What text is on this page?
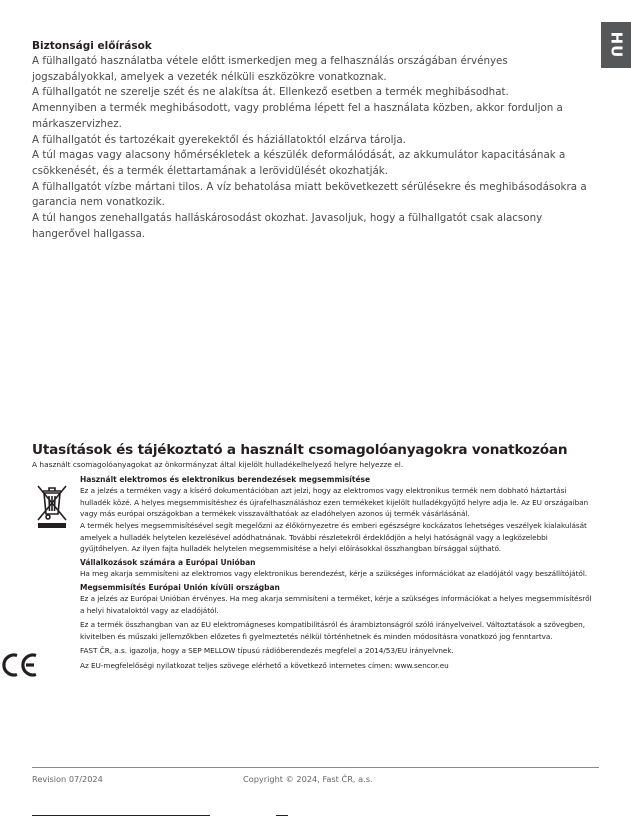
HU
Biztonsági előírások

A fülhallgató használatba vétele előtt ismerkedjen meg a felhasználás országában érvényes jogszabályokkal, amelyek a vezeték nélküli eszközökre vonatkoznak.

A fülhallgatót ne szerelje szét és ne alakítsa át. Ellenkező esetben a termék meghibásodhat.

Amennyiben a termék meghibásodott, vagy probléma lépett fel a használata közben, akkor forduljon a márkaszervizhez.

A fülhallgatót és tartozékait gyerekektől és háziállatoktól elzárva tárolja.

A túl magas vagy alacsony hőmérsékletek a készülék deformálódását, az akkumulátor kapacitásának a csökkenését, és a termék élettartamának a lerövidülését okozhatják.

A fülhallgatót vízbe mártani tilos. A víz behatolása miatt bekövetkezett sérülésekre és meghibásodásokra a garancia nem vonatkozik.

A túl hangos zenehallgatás halláskárosodást okozhat. Javasoljuk, hogy a fülhallgatót csak alacsony hangerővel hallgassa.

Utasítások és tájékoztató a használt csomagolóanyagokra vonatkozóan
A használt csomagolóanyagokat az önkormányzat által kijelölt hulladékelhelyező helyre helyezze el.
Használt elektromos és elektronikus berendezések megsemmisítése

Ez a jelzés a terméken vagy a kísérő dokumentációban azt jelzi, hogy az elektromos vagy elektronikus termék nem dobható háztartási hulladék közé. A helyes megsemmisítéshez és újrafelhasználáshoz ezen termékeket kijelölt hulladékgyűjtő helyre adja le. Az EU országaiban vagy más európai országokban a termékek visszaválthatóak az eladóhelyen azonos új termék vásárlásánál.

A termék helyes megsemmisítésével segít megelőzni az élőkörnyezetre és emberi egészségre kockázatos lehetséges veszélyek kialakulását amelyek a hulladék helytelen kezelésével adódhatnának. További részletekről érdeklődjön a helyi hatóságnál vagy a legközelebbi gyűjtőhelyen. Az ilyen fajta hulladék helytelen megsemmisítése a helyi előírásokkal összhangban bírsággal sújtható.

Vállalkozások számára a Európai Unióban

Ha meg akarja semmisíteni az elektromos vagy elektronikus berendezést, kérje a szükséges információkat az eladójától vagy beszállítójától.

Megsemmisítés Európai Unión kívüli országban

Ez a jelzés az Európai Unióban érvényes. Ha meg akarja semmisíteni a terméket, kérje a szükséges információkat a helyes megsemmisítésről a helyi hivataloktól vagy az eladójától.

Ez a termék összhangban van az EU elektromágneses kompatibilitásról és árambiztonságról szóló irányelveivel. Változtatások a szövegben, kivitelben és műszaki jellemzőkben előzetes fi gyelmeztetés nélkül történhetnek és minden módosításra vonatkozó jog fenntartva.

FAST ČR, a.s. igazolja, hogy a SEP MELLOW típusú rádióberendezés megfelel a 2014/53/EU irányelvnek.

Az EU-megfelelőségi nyilatkozat teljes szövege elérhető a következő internetes címen: www.sencor.eu

Revision 07/2024	Copyright © 2024, Fast ČR, a.s.
